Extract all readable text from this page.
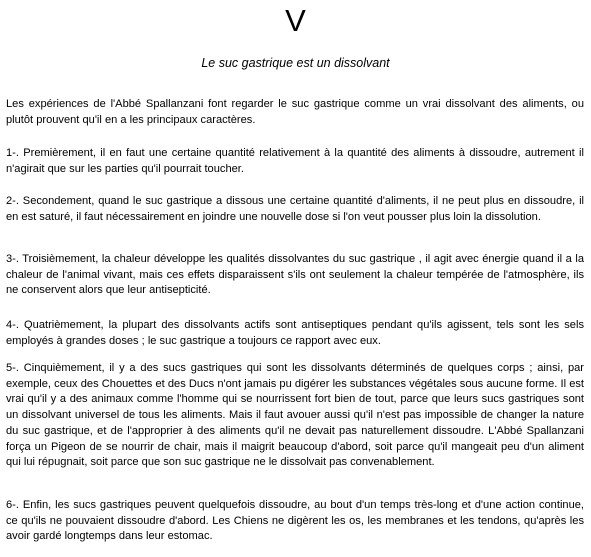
V
Le suc gastrique est un dissolvant

Les expériences de l'Abbé Spallanzani font regarder le suc gastrique comme un vrai dissolvant des aliments, ou plutôt prouvent qu'il en a les principaux caractères.

1-. Premièrement, il en faut une certaine quantité relativement à la quantité des aliments à dissoudre, autrement il n'agirait que sur les parties qu'il pourrait toucher.

2-. Secondement, quand le suc gastrique a dissous une certaine quantité d'aliments, il ne peut plus en dissoudre, il en est saturé, il faut nécessairement en joindre une nouvelle dose si l'on veut pousser plus loin la dissolution.

3-. Troisièmement, la chaleur développe les qualités dissolvantes du suc gastrique , il agit avec énergie quand il a la chaleur de l'animal vivant, mais ces effets disparaissent s'ils ont seulement la chaleur tempérée de l'atmosphère, ils ne conservent alors que leur antisepticité.

4-. Quatrièmement, la plupart des dissolvants actifs sont antiseptiques pendant qu'ils agissent, tels sont les sels employés à grandes doses ; le suc gastrique a toujours ce rapport avec eux.

5-. Cinquièmement, il y a des sucs gastriques qui sont les dissolvants déterminés de quelques corps ; ainsi, par exemple, ceux des Chouettes et des Ducs n'ont jamais pu digérer les substances végétales sous aucune forme. Il est vrai qu'il y a des animaux comme l'homme qui se nourrissent fort bien de tout, parce que leurs sucs gastriques sont un dissolvant universel de tous les aliments. Mais il faut avouer aussi qu'il n'est pas impossible de changer la nature du suc gastrique, et de l'approprier à des aliments qu'il ne devait pas naturellement dissoudre. L'Abbé Spallanzani força un Pigeon de se nourrir de chair, mais il maigrit beaucoup d'abord, soit parce qu'il mangeait peu d'un aliment qui lui répugnait, soit parce que son suc gastrique ne le dissolvait pas convenablement.

6-. Enfin, les sucs gastriques peuvent quelquefois dissoudre, au bout d'un temps très-long et d'une action continue, ce qu'ils ne pouvaient dissoudre d'abord. Les Chiens ne digèrent les os, les membranes et les tendons, qu'après les avoir gardé longtemps dans leur estomac.
